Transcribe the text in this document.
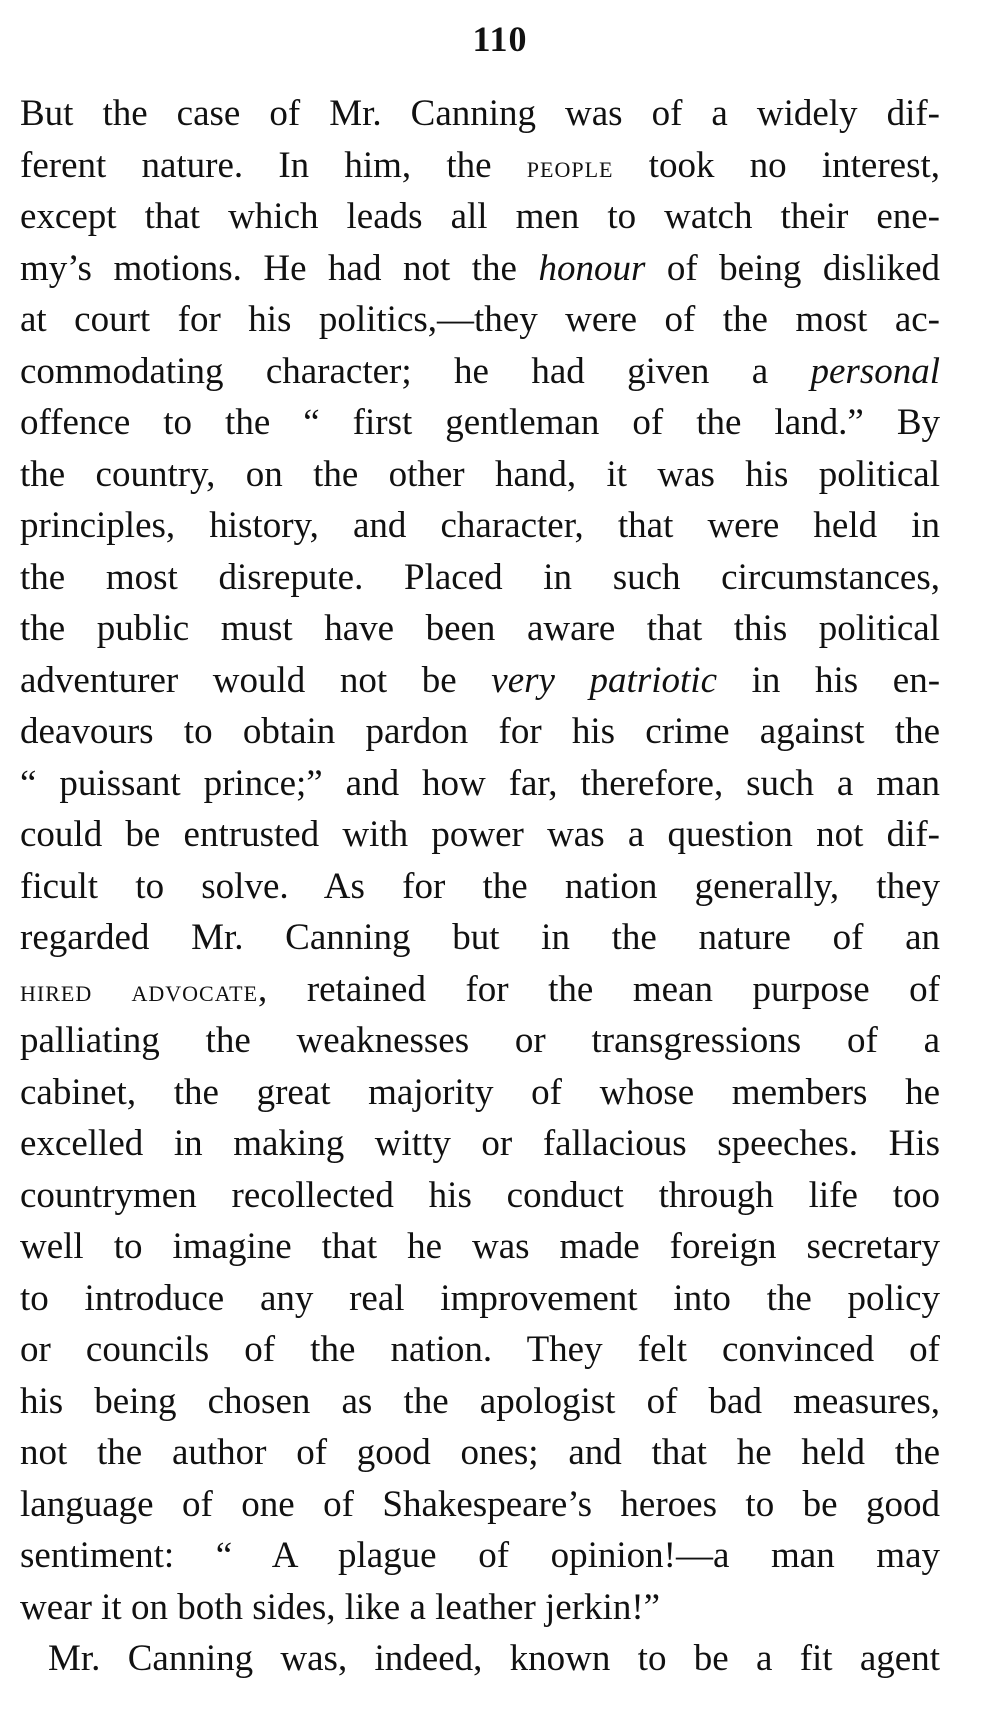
110
But the case of Mr. Canning was of a widely dif-
ferent nature. In him, the people took no interest,
except that which leads all men to watch their ene-
my’s motions. He had not the honour of being disliked
at court for his politics,—they were of the most ac-
commodating character; he had given a personal
offence to the “ first gentleman of the land.” By
the country, on the other hand, it was his political
principles, history, and character, that were held in
the most disrepute. Placed in such circumstances,
the public must have been aware that this political
adventurer would not be very patriotic in his en-
deavours to obtain pardon for his crime against the
“ puissant prince;” and how far, therefore, such a man
could be entrusted with power was a question not dif-
ficult to solve. As for the nation generally, they
regarded Mr. Canning but in the nature of an
hired advocate, retained for the mean purpose of
palliating the weaknesses or transgressions of a
cabinet, the great majority of whose members he
excelled in making witty or fallacious speeches. His
countrymen recollected his conduct through life too
well to imagine that he was made foreign secretary
to introduce any real improvement into the policy
or councils of the nation. They felt convinced of
his being chosen as the apologist of bad measures,
not the author of good ones; and that he held the
language of one of Shakespeare’s heroes to be good
sentiment: “ A plague of opinion!—a man may
wear it on both sides, like a leather jerkin!”
Mr. Canning was, indeed, known to be a fit agent
